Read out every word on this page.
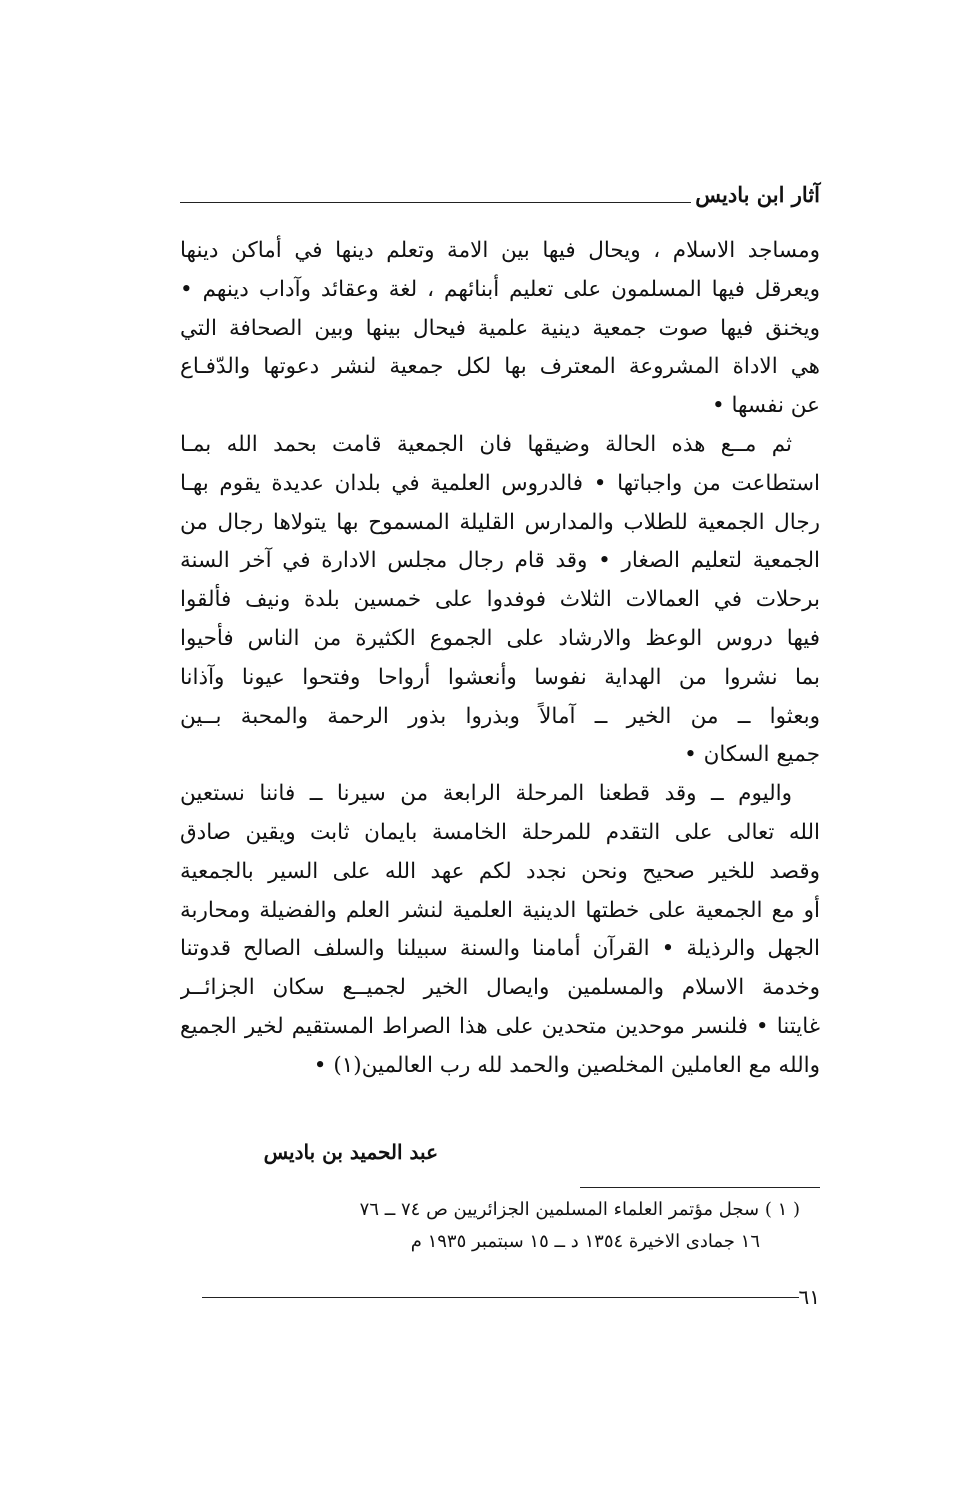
آثار ابن باديس
ومساجد الاسلام ، ويحال فيها بين الامة وتعلم دينها في أماكن دينها
ويعرقل فيها المسلمون على تعليم أبنائهم ، لغة وعقائد وآداب دينهم •
ويخنق فيها صوت جمعية دينية علمية فيحال بينها وبين الصحافة التي
هي الاداة المشروعة المعترف بها لكل جمعية لنشر دعوتها والدّفـاع
عن نفسها •
ثم مــع هذه الحالة وضيقها فان الجمعية قامت بحمد الله بمـا
استطاعت من واجباتها • فالدروس العلمية في بلدان عديدة يقوم بهـا
رجال الجمعية للطلاب والمدارس القليلة المسموح بها يتولاها رجال من
الجمعية لتعليم الصغار • وقد قام رجال مجلس الادارة في آخر السنة
برحلات في العمالات الثلاث فوفدوا على خمسين بلدة ونيف فألقوا
فيها دروس الوعظ والارشاد على الجموع الكثيرة من الناس فأحيوا
بما نشروا من الهداية نفوسا وأنعشوا أرواحا وفتحوا عيونا وآذانا
وبعثوا ــ من الخير ــ آمالاً وبذروا بذور الرحمة والمحبة بــين
جميع السكان •
واليوم ــ وقد قطعنا المرحلة الرابعة من سيرنا ــ فاننا نستعين
الله تعالى على التقدم للمرحلة الخامسة بايمان ثابت ويقين صادق
وقصد للخير صحيح ونحن نجدد لكم عهد الله على السير بالجمعية
أو مع الجمعية على خطتها الدينية العلمية لنشر العلم والفضيلة ومحاربة
الجهل والرذيلة • القرآن أمامنا والسنة سبيلنا والسلف الصالح قدوتنا
وخدمة الاسلام والمسلمين وايصال الخير لجميــع سكان الجزائــر
غايتنا • فلنسر موحدين متحدين على هذا الصراط المستقيم لخير الجميع
والله مع العاملين المخلصين والحمد لله رب العالمين(١) •
عبد الحميد بن باديس
( ١ ) سجل مؤتمر العلماء المسلمين الجزائريين ص ٧٤ ــ ٧٦
١٦ جمادى الاخيرة ١٣٥٤ د ــ ١٥ سبتمبر ١٩٣٥ م
٦١
